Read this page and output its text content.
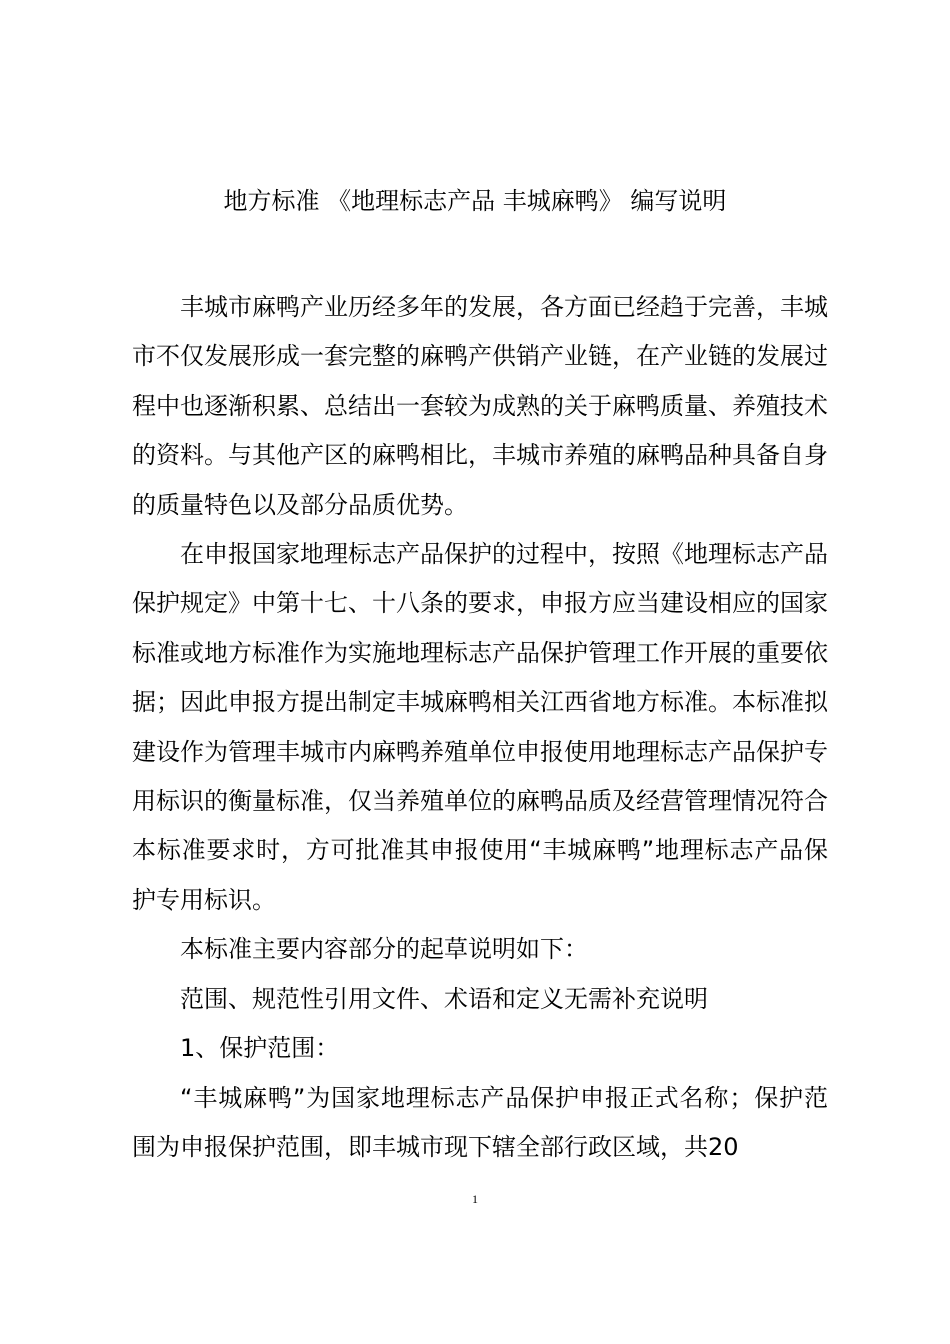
地方标准 《地理标志产品 丰城麻鸭》 编写说明

丰城市麻鸭产业历经多年的发展，各方面已经趋于完善，丰城市不仅发展形成一套完整的麻鸭产供销产业链，在产业链的发展过程中也逐渐积累、总结出一套较为成熟的关于麻鸭质量、养殖技术的资料。与其他产区的麻鸭相比，丰城市养殖的麻鸭品种具备自身的质量特色以及部分品质优势。

在申报国家地理标志产品保护的过程中，按照《地理标志产品保护规定》中第十七、十八条的要求，申报方应当建设相应的国家标准或地方标准作为实施地理标志产品保护管理工作开展的重要依据；因此申报方提出制定丰城麻鸭相关江西省地方标准。本标准拟建设作为管理丰城市内麻鸭养殖单位申报使用地理标志产品保护专用标识的衡量标准，仅当养殖单位的麻鸭品质及经营管理情况符合本标准要求时，方可批准其申报使用“丰城麻鸭”地理标志产品保护专用标识。

本标准主要内容部分的起草说明如下：

范围、规范性引用文件、术语和定义无需补充说明

1、保护范围：

“丰城麻鸭”为国家地理标志产品保护申报正式名称；保护范围为申报保护范围，即丰城市现下辖全部行政区域，共20

1
